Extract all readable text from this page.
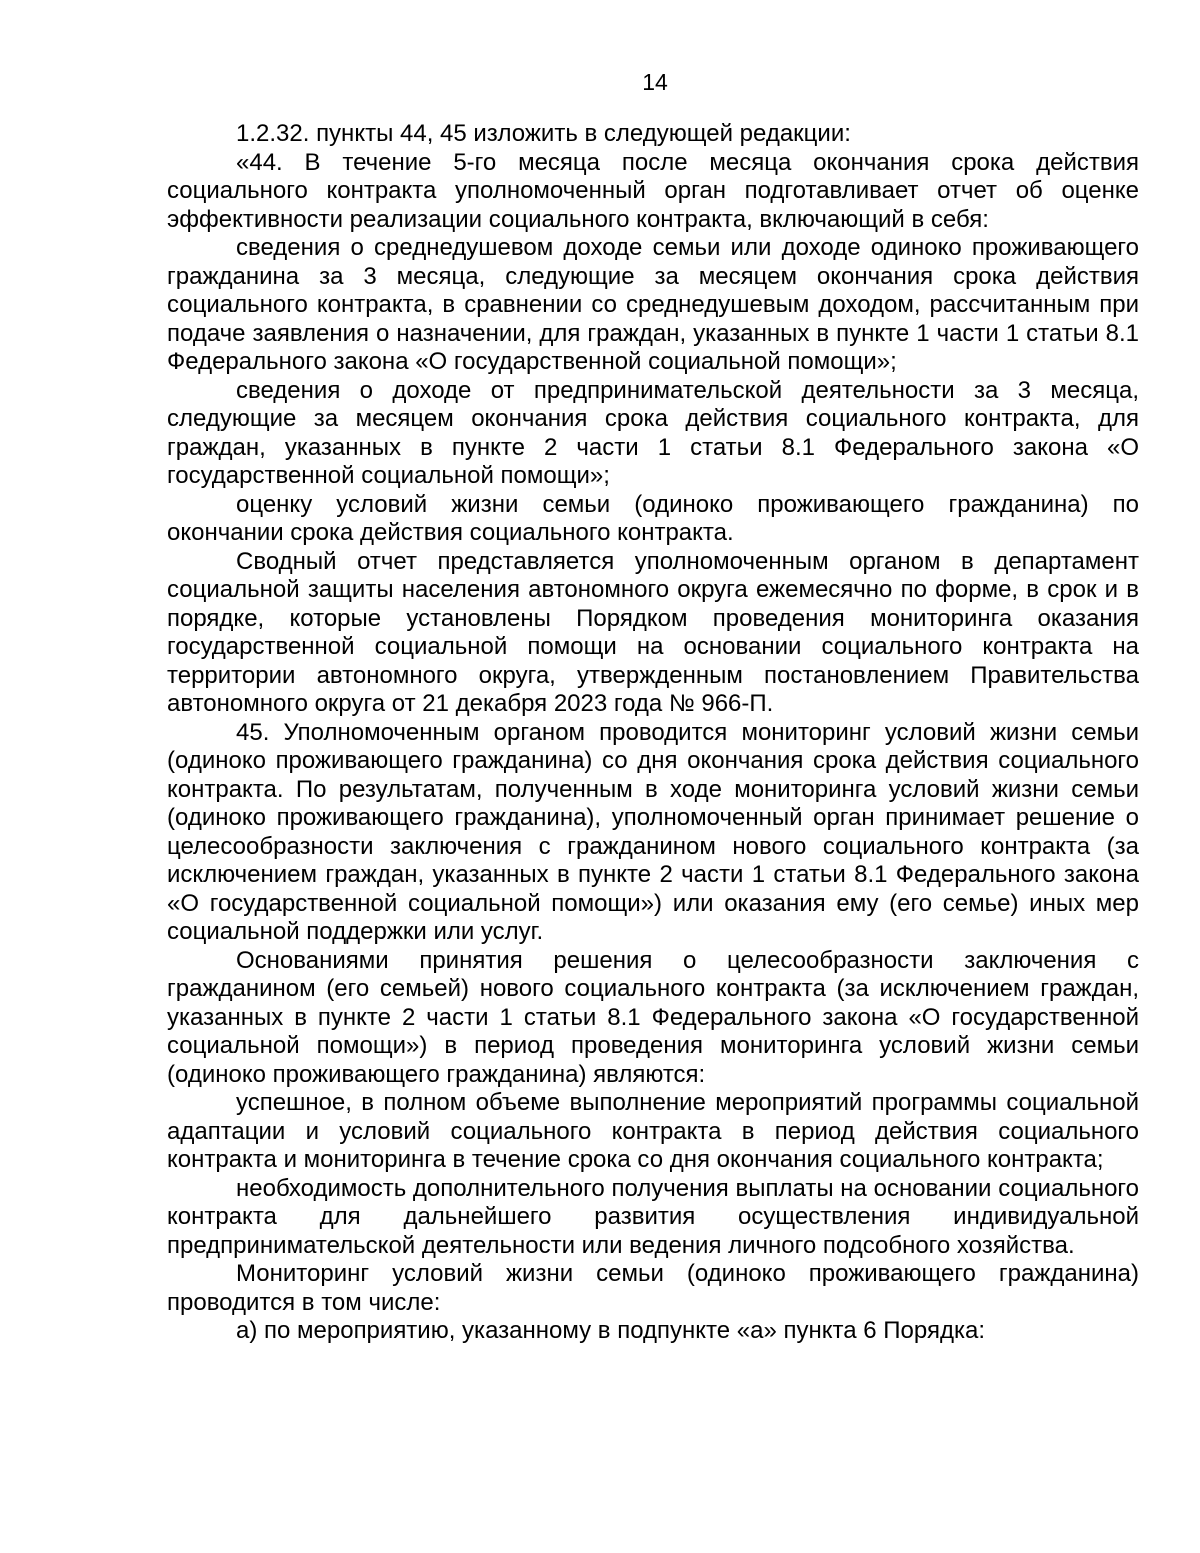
14

1.2.32. пункты 44, 45 изложить в следующей редакции:

«44. В течение 5-го месяца после месяца окончания срока действия социального контракта уполномоченный орган подготавливает отчет об оценке эффективности реализации социального контракта, включающий в себя:

сведения о среднедушевом доходе семьи или доходе одиноко проживающего гражданина за 3 месяца, следующие за месяцем окончания срока действия социального контракта, в сравнении со среднедушевым доходом, рассчитанным при подаче заявления о назначении, для граждан, указанных в пункте 1 части 1 статьи 8.1 Федерального закона «О государственной социальной помощи»;

сведения о доходе от предпринимательской деятельности за 3 месяца, следующие за месяцем окончания срока действия социального контракта, для граждан, указанных в пункте 2 части 1 статьи 8.1 Федерального закона «О государственной социальной помощи»;

оценку условий жизни семьи (одиноко проживающего гражданина) по окончании срока действия социального контракта.

Сводный отчет представляется уполномоченным органом в департамент социальной защиты населения автономного округа ежемесячно по форме, в срок и в порядке, которые установлены Порядком проведения мониторинга оказания государственной социальной помощи на основании социального контракта на территории автономного округа, утвержденным постановлением Правительства автономного округа от 21 декабря 2023 года № 966-П.

45. Уполномоченным органом проводится мониторинг условий жизни семьи (одиноко проживающего гражданина) со дня окончания срока действия социального контракта. По результатам, полученным в ходе мониторинга условий жизни семьи (одиноко проживающего гражданина), уполномоченный орган принимает решение о целесообразности заключения с гражданином нового социального контракта (за исключением граждан, указанных в пункте 2 части 1 статьи 8.1 Федерального закона «О государственной социальной помощи») или оказания ему (его семье) иных мер социальной поддержки или услуг.

Основаниями принятия решения о целесообразности заключения с гражданином (его семьей) нового социального контракта (за исключением граждан, указанных в пункте 2 части 1 статьи 8.1 Федерального закона «О государственной социальной помощи») в период проведения мониторинга условий жизни семьи (одиноко проживающего гражданина) являются:

успешное, в полном объеме выполнение мероприятий программы социальной адаптации и условий социального контракта в период действия социального контракта и мониторинга в течение срока со дня окончания социального контракта;

необходимость дополнительного получения выплаты на основании социального контракта для дальнейшего развития осуществления индивидуальной предпринимательской деятельности или ведения личного подсобного хозяйства.

Мониторинг условий жизни семьи (одиноко проживающего гражданина) проводится в том числе:

а) по мероприятию, указанному в подпункте «а» пункта 6 Порядка:
